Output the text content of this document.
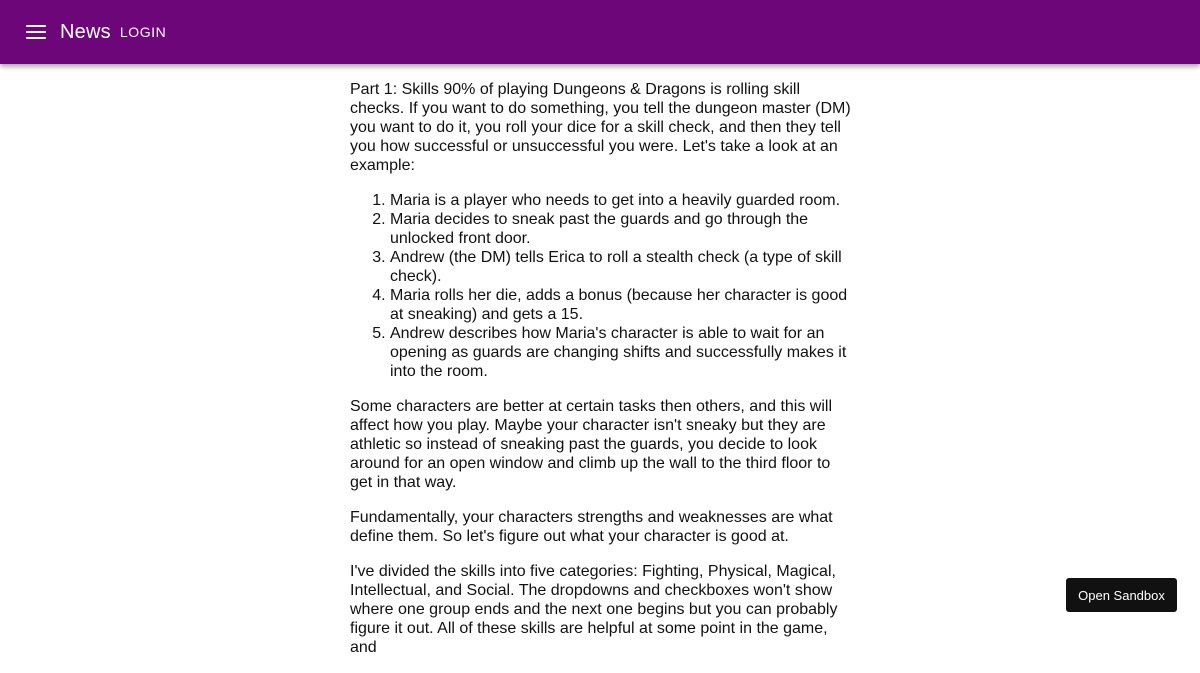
News LOGIN

Part 1: Skills 90% of playing Dungeons & Dragons is rolling skill checks. If you want to do something, you tell the dungeon master (DM) you want to do it, you roll your dice for a skill check, and then they tell you how successful or unsuccessful you were. Let's take a look at an example:

1. Maria is a player who needs to get into a heavily guarded room.
2. Maria decides to sneak past the guards and go through the unlocked front door.
3. Andrew (the DM) tells Erica to roll a stealth check (a type of skill check).
4. Maria rolls her die, adds a bonus (because her character is good at sneaking) and gets a 15.
5. Andrew describes how Maria's character is able to wait for an opening as guards are changing shifts and successfully makes it into the room.

Some characters are better at certain tasks then others, and this will affect how you play. Maybe your character isn't sneaky but they are athletic so instead of sneaking past the guards, you decide to look around for an open window and climb up the wall to the third floor to get in that way.

Fundamentally, your characters strengths and weaknesses are what define them. So let's figure out what your character is good at.

I've divided the skills into five categories: Fighting, Physical, Magical, Intellectual, and Social. The dropdowns and checkboxes won't show where one group ends and the next one begins but you can probably figure it out. All of these skills are helpful at some point in the game, and

Open Sandbox
